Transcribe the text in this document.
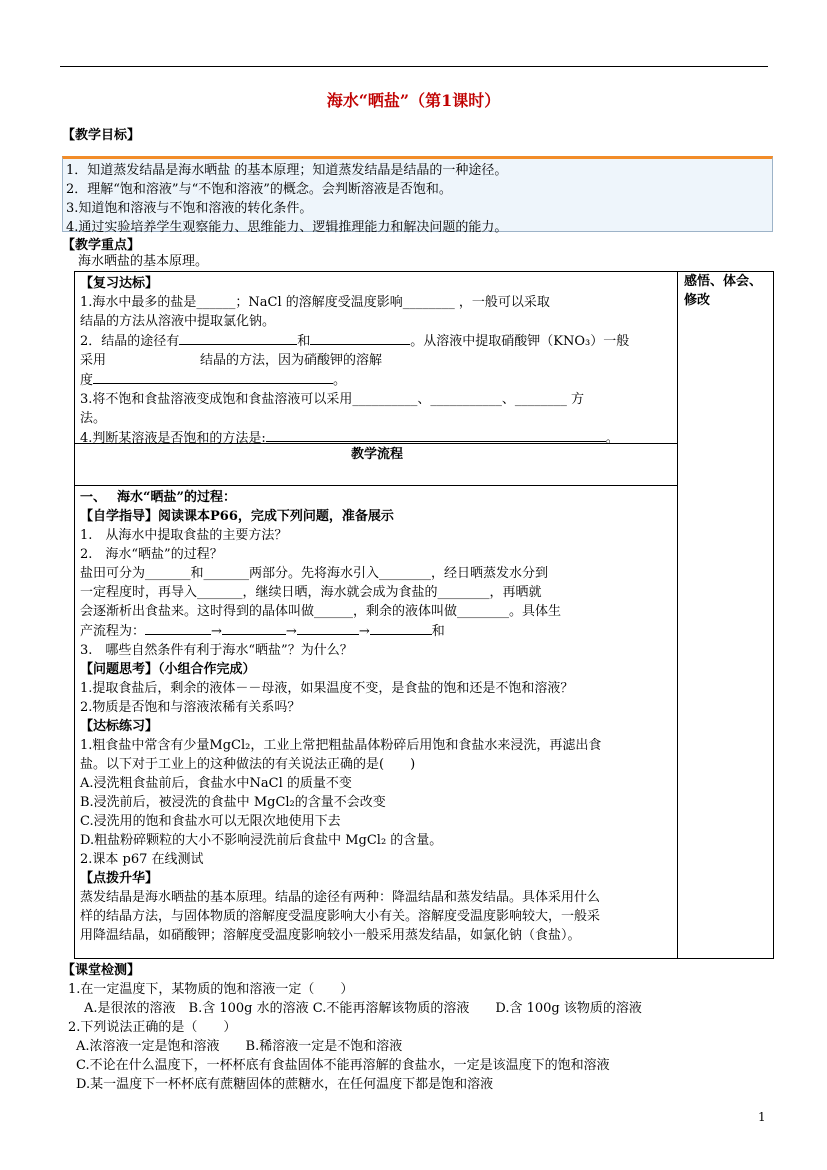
海水“晒盐”（第1课时）
【教学目标】
1．知道蒸发结晶是海水晒盐 的基本原理；知道蒸发结晶是结晶的一种途径。
2．理解“饱和溶液”与“不饱和溶液”的概念。会判断溶液是否饱和。
3.知道饱和溶液与不饱和溶液的转化条件。
4.通过实验培养学生观察能力、思维能力、逻辑推理能力和解决问题的能力。
【教学重点】
海水晒盐的基本原理。
感悟、体会、修改
【复习达标】
1.海水中最多的盐是______；NaCl 的溶解度受温度影响________ ，一般可以采取
结晶的方法从溶液中提取氯化钠。
2．结晶的途径有	和	。从溶液中提取硝酸钾（KNO₃）一般
采用	结晶的方法，因为硝酸钾的溶解
度	。
3.将不饱和食盐溶液变成饱和食盐溶液可以采用__________、___________、________ 方
法。
4.判断某溶液是否饱和的方法是:	。
教学流程
一、　 海水“晒盐”的过程：
【自学指导】阅读课本P66，完成下列问题，准备展示
1.　从海水中提取食盐的主要方法？
2.　海水“晒盐”的过程？
盐田可分为_______和_______两部分。先将海水引入________，经日晒蒸发水分到
一定程度时，再导入_______，继续日晒，海水就会成为食盐的________，再晒就
会逐渐析出食盐来。这时得到的晶体叫做______，剩余的液体叫做________。具体生
产流程为：	→	→	→	和
3.　哪些自然条件有利于海水“晒盐”？为什么？
【问题思考】（小组合作完成）
1.提取食盐后，剩余的液体－－母液，如果温度不变，是食盐的饱和还是不饱和溶液？
2.物质是否饱和与溶液浓稀有关系吗？
【达标练习】
1.粗食盐中常含有少量MgCl₂，工业上常把粗盐晶体粉碎后用饱和食盐水来浸洗，再滤出食
盐。以下对于工业上的这种做法的有关说法正确的是(　　)
A.浸洗粗食盐前后，食盐水中NaCl 的质量不变
B.浸洗前后，被浸洗的食盐中 MgCl₂的含量不会改变
C.浸洗用的饱和食盐水可以无限次地使用下去
D.粗盐粉碎颗粒的大小不影响浸洗前后食盐中 MgCl₂ 的含量。
2.课本 p67 在线测试
【点拨升华】
蒸发结晶是海水晒盐的基本原理。结晶的途径有两种：降温结晶和蒸发结晶。具体采用什么
样的结晶方法，与固体物质的溶解度受温度影响大小有关。溶解度受温度影响较大，一般采
用降温结晶，如硝酸钾；溶解度受温度影响较小一般采用蒸发结晶，如氯化钠（食盐）。
【课堂检测】
1.在一定温度下，某物质的饱和溶液一定（　　）
A.是很浓的溶液　B.含 100g 水的溶液 C.不能再溶解该物质的溶液　　D.含 100g 该物质的溶液
2.下列说法正确的是（　　）
A.浓溶液一定是饱和溶液　　B.稀溶液一定是不饱和溶液
C.不论在什么温度下，一杯杯底有食盐固体不能再溶解的食盐水，一定是该温度下的饱和溶液
D.某一温度下一杯杯底有蔗糖固体的蔗糖水，在任何温度下都是饱和溶液
1
